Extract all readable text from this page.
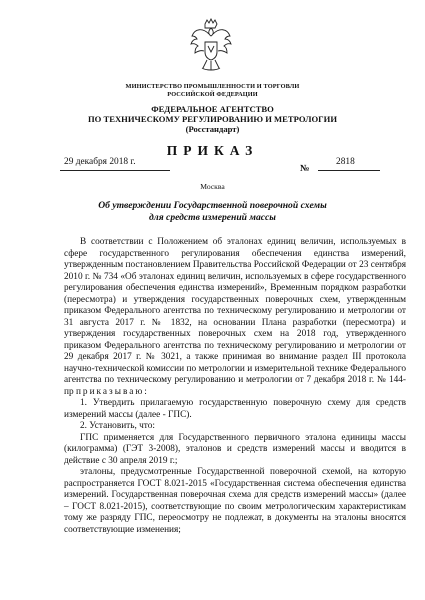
МИНИСТЕРСТВО ПРОМЫШЛЕННОСТИ И ТОРГОВЛИ
РОССИЙСКОЙ ФЕДЕРАЦИИ
ФЕДЕРАЛЬНОЕ АГЕНТСТВО
ПО ТЕХНИЧЕСКОМУ РЕГУЛИРОВАНИЮ И МЕТРОЛОГИИ
(Росстандарт)
ПРИКАЗ
29 декабря 2018 г.
№
2818
Москва
Об утверждении Государственной поверочной схемы
для средств измерений массы

В соответствии с Положением об эталонах единиц величин, используемых в сфере государственного регулирования обеспечения единства измерений, утвержденным постановлением Правительства Российской Федерации от 23 сентября 2010 г. № 734 «Об эталонах единиц величин, используемых в сфере государственного регулирования обеспечения единства измерений», Временным порядком разработки (пересмотра) и утверждения государственных поверочных схем, утвержденным приказом Федерального агентства по техническому регулированию и метрологии от 31 августа 2017 г. № 1832, на основании Плана разработки (пересмотра) и утверждения государственных поверочных схем на 2018 год, утвержденного приказом Федерального агентства по техническому регулированию и метрологии от 29 декабря 2017 г. № 3021, а также принимая во внимание раздел III протокола научно-технической комиссии по метрологии и измерительной технике Федерального агентства по техническому регулированию и метрологии от 7 декабря 2018 г. № 144-пр приказываю:

1. Утвердить прилагаемую государственную поверочную схему для средств измерений массы (далее - ГПС).

2. Установить, что:

ГПС применяется для Государственного первичного эталона единицы массы (килограмма) (ГЭТ 3-2008), эталонов и средств измерений массы и вводится в действие с 30 апреля 2019 г.;

эталоны, предусмотренные Государственной поверочной схемой, на которую распространяется ГОСТ 8.021-2015 «Государственная система обеспечения единства измерений. Государственная поверочная схема для средств измерений массы» (далее – ГОСТ 8.021-2015), соответствующие по своим метрологическим характеристикам тому же разряду ГПС, переосмотру не подлежат, в документы на эталоны вносятся соответствующие изменения;
